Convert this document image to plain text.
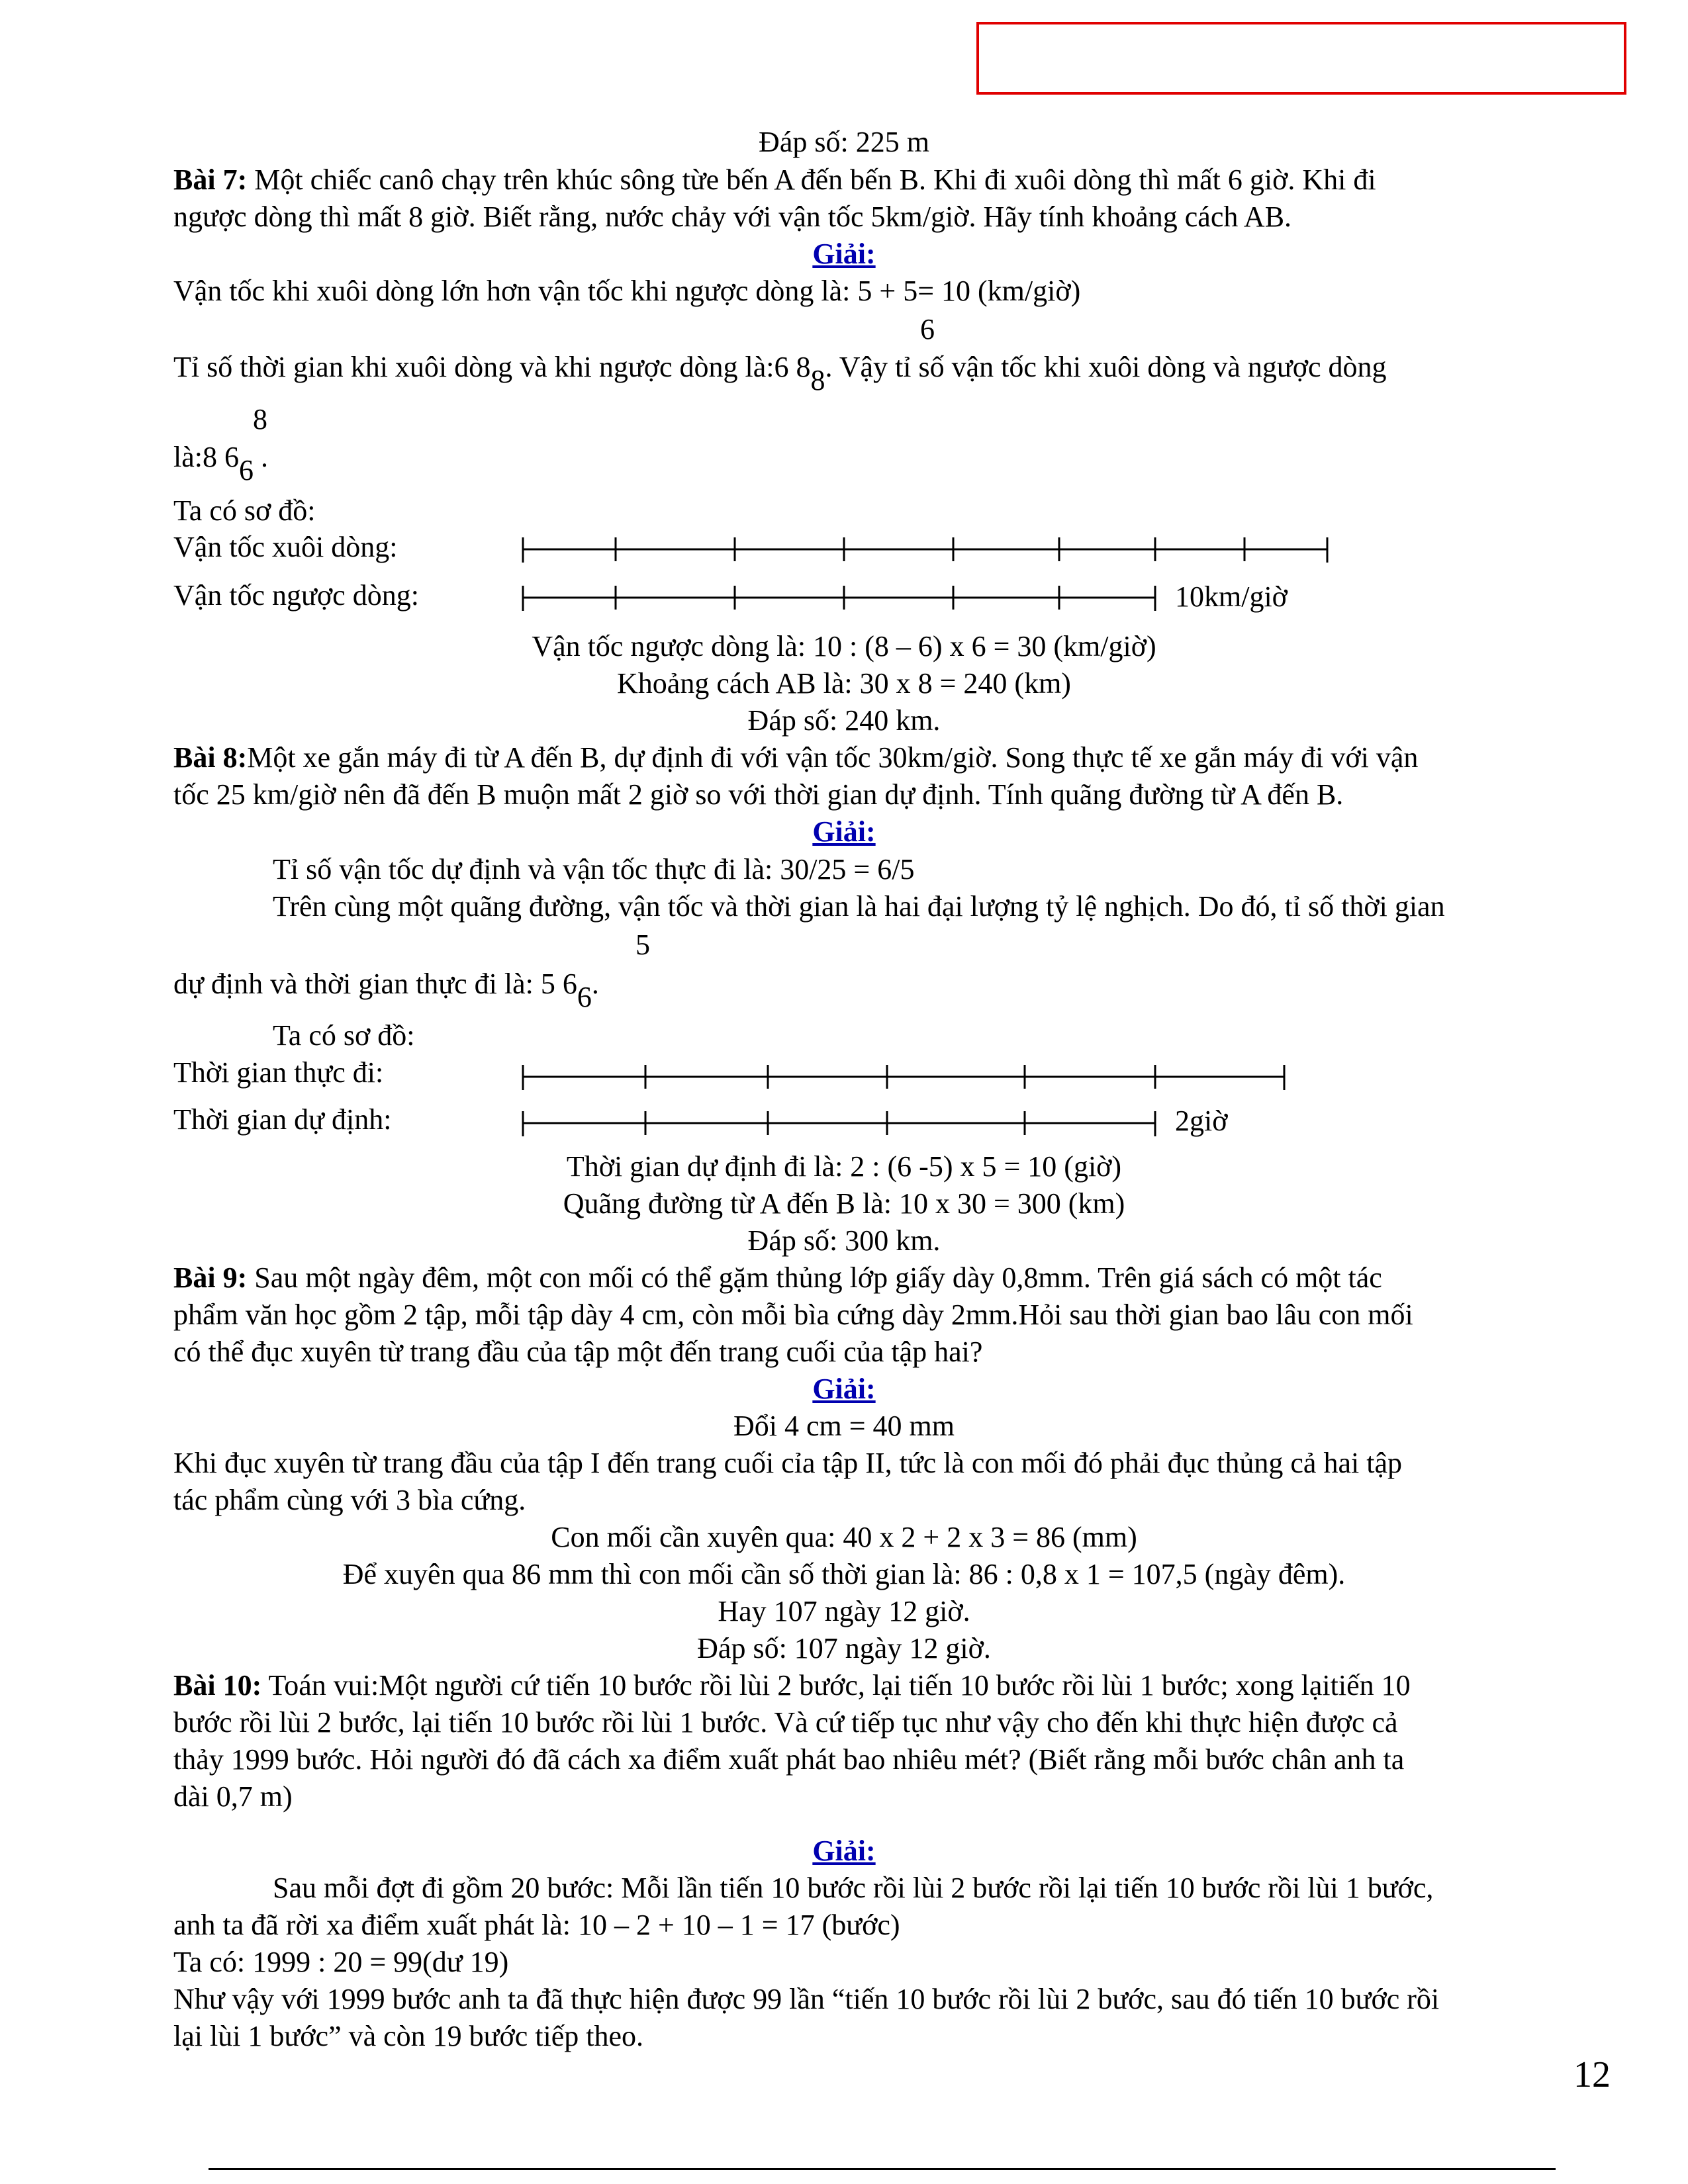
Đáp số: 225 m
Bài 7: Một chiếc canô chạy trên khúc sông từe bến A đến bến B. Khi đi xuôi dòng thì mất 6 giờ. Khi đi
ngược dòng thì mất 8 giờ. Biết rằng, nước chảy với vận tốc 5km/giờ. Hãy tính khoảng cách AB.
Giải:
Vận tốc khi xuôi dòng lớn hơn vận tốc khi ngược dòng là: 5 + 5= 10 (km/giờ)
6
Tỉ số thời gian khi xuôi dòng và khi ngược dòng là:6 88. Vậy tỉ số vận tốc khi xuôi dòng và ngược dòng
8
là:8 66 .
Ta có sơ đồ:
Vận tốc xuôi dòng:
Vận tốc ngược dòng:	10km/giờ
Vận tốc ngược dòng là: 10 : (8 – 6) x 6 = 30 (km/giờ)
Khoảng cách AB là: 30 x 8 = 240 (km)
Đáp số: 240 km.
Bài 8:Một xe gắn máy đi từ A đến B, dự định đi với vận tốc 30km/giờ. Song thực tế xe gắn máy đi với vận
tốc 25 km/giờ nên đã đến B muộn mất 2 giờ so với thời gian dự định. Tính quãng đường từ A đến B.
Giải:
Tỉ số vận tốc dự định và vận tốc thực đi là: 30/25 = 6/5
Trên cùng một quãng đường, vận tốc và thời gian là hai đại lượng tỷ lệ nghịch. Do đó, tỉ số thời gian
5
dự định và thời gian thực đi là: 5 66.
Ta có sơ đồ:
Thời gian thực đi:
Thời gian dự định:	2giờ
Thời gian dự định đi là: 2 : (6 -5) x 5 = 10 (giờ)
Quãng đường từ A đến B là: 10 x 30 = 300 (km)
Đáp số: 300 km.
Bài 9: Sau một ngày đêm, một con mối có thể gặm thủng lớp giấy dày 0,8mm. Trên giá sách có một tác
phẩm văn học gồm 2 tập, mỗi tập dày 4 cm, còn mỗi bìa cứng dày 2mm.Hỏi sau thời gian bao lâu con mối
có thể đục xuyên từ trang đầu của tập một đến trang cuối của tập hai?
Giải:
Đổi 4 cm = 40 mm
Khi đục xuyên từ trang đầu của tập I đến trang cuối cỉa tập II, tức là con mối đó phải đục thủng cả hai tập
tác phẩm cùng với 3 bìa cứng.
Con mối cần xuyên qua: 40 x 2 + 2 x 3 = 86 (mm)
Để xuyên qua 86 mm thì con mối cần số thời gian là: 86 : 0,8 x 1 = 107,5 (ngày đêm).
Hay 107 ngày 12 giờ.
Đáp số: 107 ngày 12 giờ.
Bài 10: Toán vui:Một người cứ tiến 10 bước rồi lùi 2 bước, lại tiến 10 bước rồi lùi 1 bước; xong lạitiến 10
bước rồi lùi 2 bước, lại tiến 10 bước rồi lùi 1 bước. Và cứ tiếp tục như vậy cho đến khi thực hiện được cả
thảy 1999 bước. Hỏi người đó đã cách xa điểm xuất phát bao nhiêu mét? (Biết rằng mỗi bước chân anh ta
dài 0,7 m)
Giải:
Sau mỗi đợt đi gồm 20 bước: Mỗi lần tiến 10 bước rồi lùi 2 bước rồi lại tiến 10 bước rồi lùi 1 bước,
anh ta đã rời xa điểm xuất phát là: 10 – 2 + 10 – 1 = 17 (bước)
Ta có: 1999 : 20 = 99(dư 19)
Như vậy với 1999 bước anh ta đã thực hiện được 99 lần “tiến 10 bước rồi lùi 2 bước, sau đó tiến 10 bước rồi
lại lùi 1 bước” và còn 19 bước tiếp theo.
12
